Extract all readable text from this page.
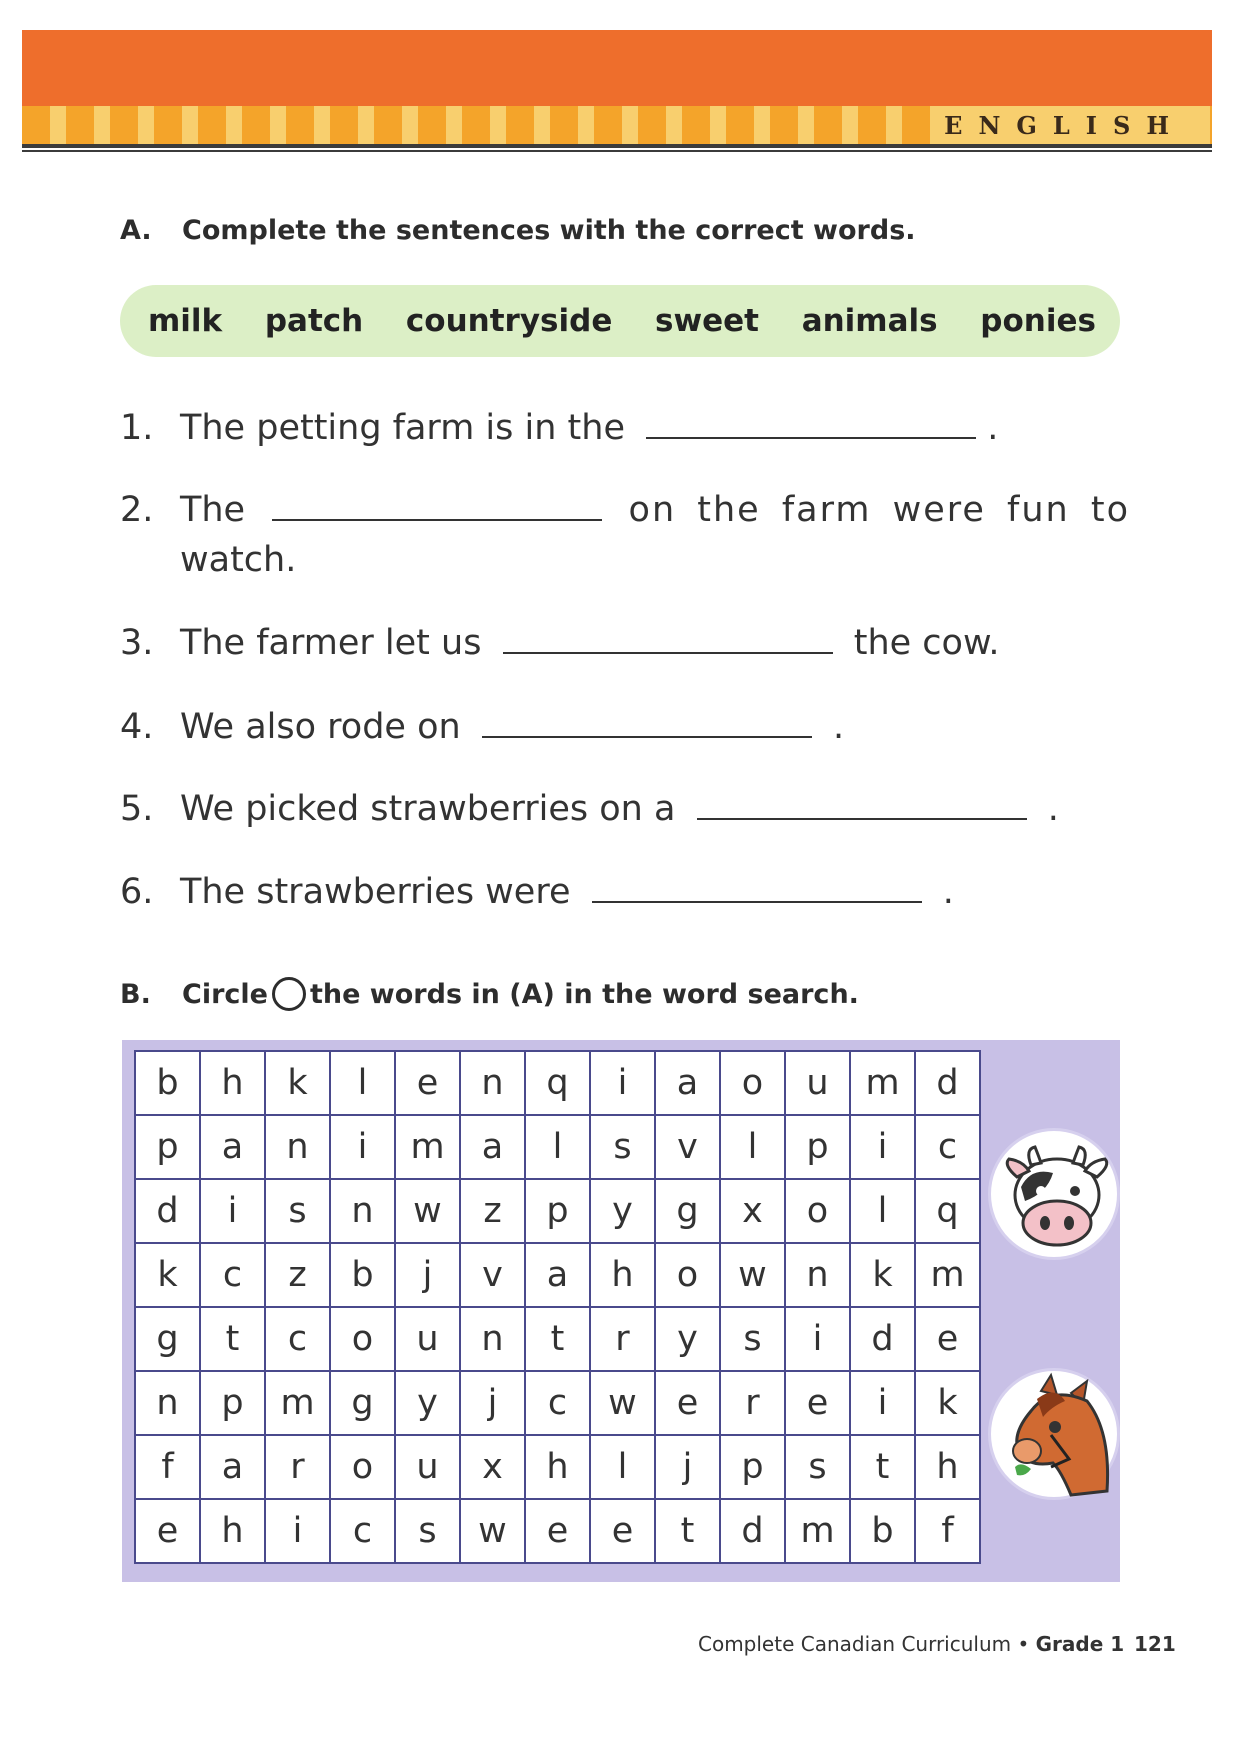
ENGLISH
A.	Complete the sentences with the correct words.
milk patch countryside sweet animals ponies
1. The petting farm is in the	.
2. The	on the farm were fun to
watch.
3. The farmer let us	the cow.
4. We also rode on	.
5. We picked strawberries on a	.
6. The strawberries were	.
B.	Circle the words in (A) in the word search.
b	h	k	l	e	n	q	i	a	o	u	m	d
p	a	n	i	m	a	l	s	v	l	p	i	c
d	i	s	n	w	z	p	y	g	x	o	l	q
k	c	z	b	j	v	a	h	o	w	n	k	m
g	t	c	o	u	n	t	r	y	s	i	d	e
n	p	m	g	y	j	c	w	e	r	e	i	k
f	a	r	o	u	x	h	l	j	p	s	t	h
e	h	i	c	s	w	e	e	t	d	m	b	f
Complete Canadian Curriculum • Grade 1 121
